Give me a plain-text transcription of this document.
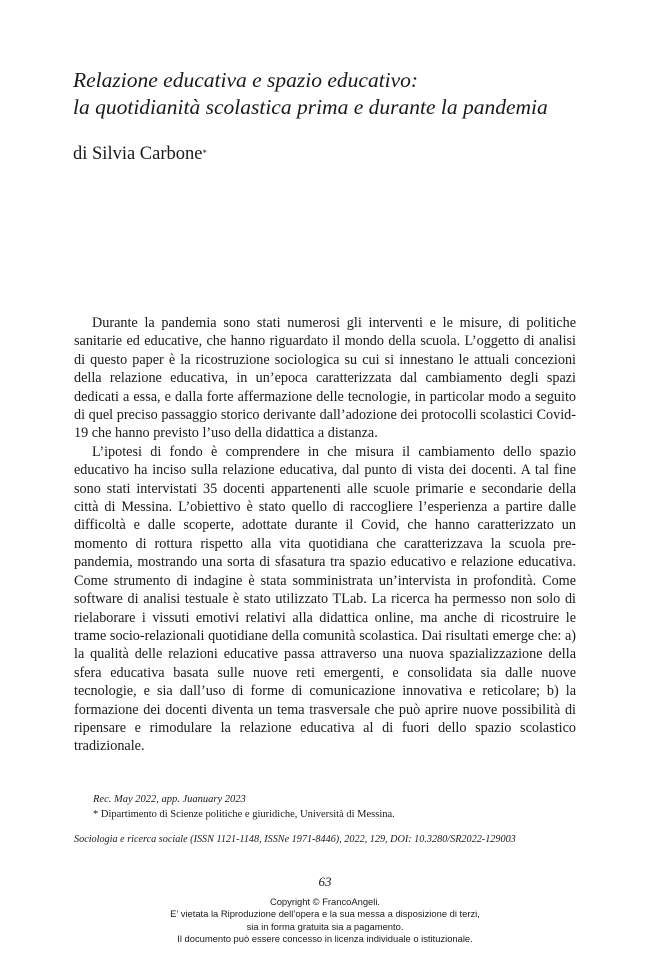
Relazione educativa e spazio educativo:
la quotidianità scolastica prima e durante la pandemia
di Silvia Carbone*

Durante la pandemia sono stati numerosi gli interventi e le misure, di politiche sanitarie ed educative, che hanno riguardato il mondo della scuola. L’oggetto di analisi di questo paper è la ricostruzione sociologica su cui si innestano le attuali concezioni della relazione educativa, in un’epoca caratterizzata dal cambiamento degli spazi dedicati a essa, e dalla forte affermazione delle tecnologie, in particolar modo a seguito di quel preciso passaggio storico derivante dall’adozione dei protocolli scolastici Covid-19 che hanno previsto l’uso della didattica a distanza.

L’ipotesi di fondo è comprendere in che misura il cambiamento dello spazio educativo ha inciso sulla relazione educativa, dal punto di vista dei docenti. A tal fine sono stati intervistati 35 docenti appartenenti alle scuole primarie e secondarie della città di Messina. L’obiettivo è stato quello di raccogliere l’esperienza a partire dalle difficoltà e dalle scoperte, adottate durante il Covid, che hanno caratterizzato un momento di rottura rispetto alla vita quotidiana che caratterizzava la scuola pre-pandemia, mostrando una sorta di sfasatura tra spazio educativo e relazione educativa. Come strumento di indagine è stata somministrata un’intervista in profondità. Come software di analisi testuale è stato utilizzato TLab. La ricerca ha permesso non solo di rielaborare i vissuti emotivi relativi alla didattica online, ma anche di ricostruire le trame socio-relazionali quotidiane della comunità scolastica. Dai risultati emerge che: a) la qualità delle relazioni educative passa attraverso una nuova spazializzazione della sfera educativa basata sulle nuove reti emergenti, e consolidata sia dalle nuove tecnologie, e sia dall’uso di forme di comunicazione innovativa e reticolare; b) la formazione dei docenti diventa un tema trasversale che può aprire nuove possibilità di ripensare e rimodulare la relazione educativa al di fuori dello spazio scolastico tradizionale.

Rec. May 2022, app. Juanuary 2023
* Dipartimento di Scienze politiche e giuridiche, Università di Messina.
Sociologia e ricerca sociale (ISSN 1121-1148, ISSNe 1971-8446), 2022, 129, DOI: 10.3280/SR2022-129003
63
Copyright © FrancoAngeli.
E’ vietata la Riproduzione dell’opera e la sua messa a disposizione di terzi,
sia in forma gratuita sia a pagamento.
Il documento può essere concesso in licenza individuale o istituzionale.
